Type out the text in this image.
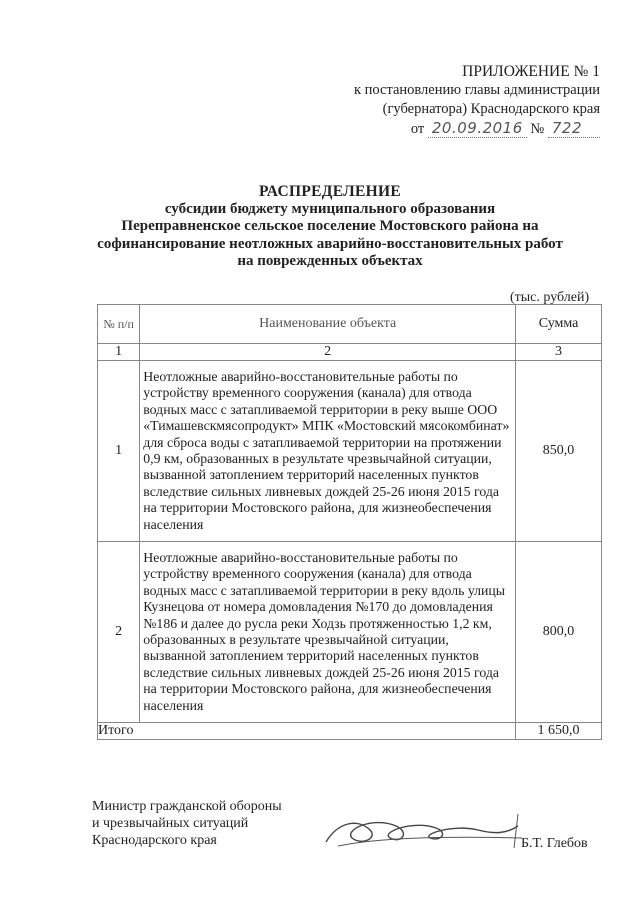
ПРИЛОЖЕНИЕ № 1
к постановлению главы администрации
(губернатора) Краснодарского края
от 20.09.2016 № 722
РАСПРЕДЕЛЕНИЕ
субсидии бюджету муниципального образования
Переправненское сельское поселение Мостовского района на
софинансирование неотложных аварийно-восстановительных работ
на поврежденных объектах
(тыс. рублей)
№ п/п	Наименование объекта	Сумма
1	2	3
1	Неотложные аварийно-восстановительные работы по устройству временного сооружения (канала) для отвода водных масс с затапливаемой территории в реку выше ООО «Тимашевскмясопродукт» МПК «Мостовский мясокомбинат» для сброса воды с затапливаемой территории на протяжении 0,9 км, образованных в результате чрезвычайной ситуации, вызванной затоплением территорий населенных пунктов вследствие сильных ливневых дождей 25-26 июня 2015 года на территории Мостовского района, для жизнеобеспечения населения	850,0
2	Неотложные аварийно-восстановительные работы по устройству временного сооружения (канала) для отвода водных масс с затапливаемой территории в реку вдоль улицы Кузнецова от номера домовладения №170 до домовладения №186 и далее до русла реки Ходзь протяженностью 1,2 км, образованных в результате чрезвычайной ситуации, вызванной затоплением территорий населенных пунктов вследствие сильных ливневых дождей 25-26 июня 2015 года на территории Мостовского района, для жизнеобеспечения населения	800,0
Итого		1 650,0
Министр гражданской обороны
и чрезвычайных ситуаций
Краснодарского края	Б.Т. Глебов
